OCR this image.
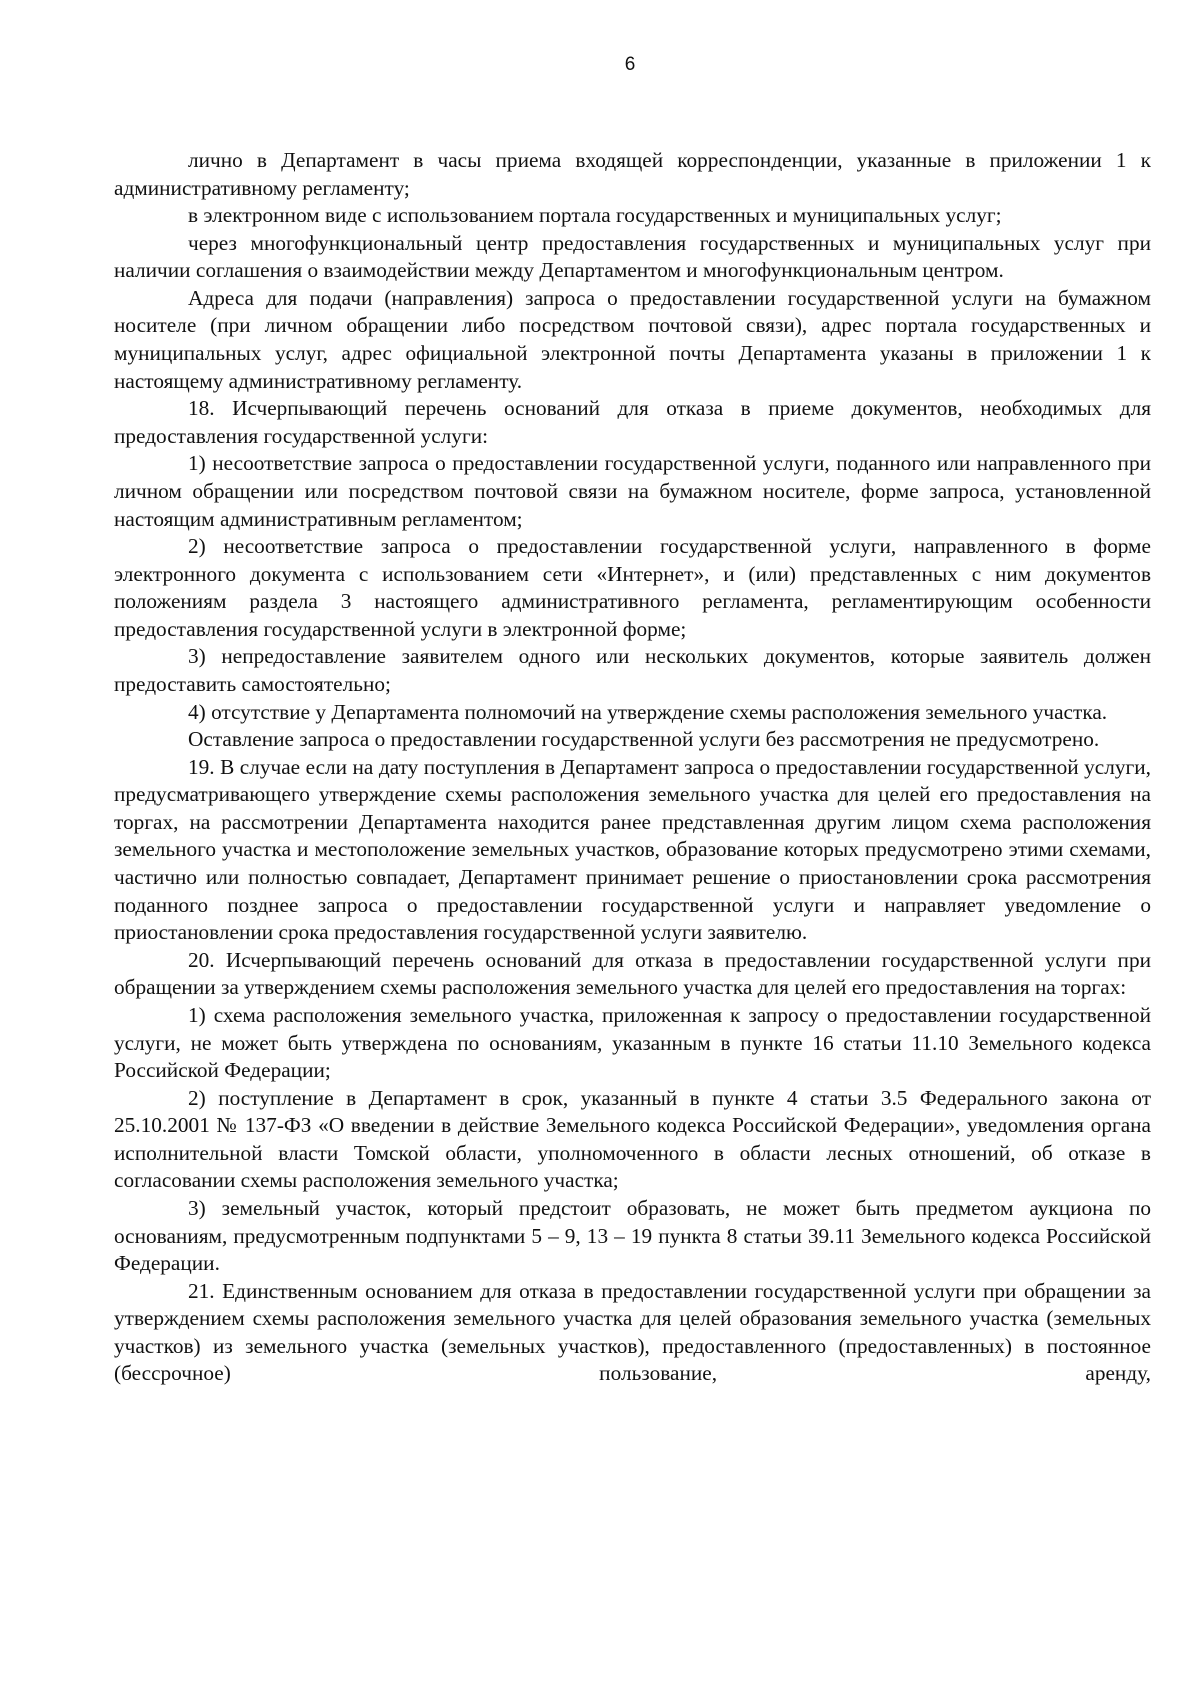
6

лично в Департамент в часы приема входящей корреспонденции, указанные в приложении 1 к административному регламенту;

в электронном виде с использованием портала государственных и муниципальных услуг;

через многофункциональный центр предоставления государственных и муниципальных услуг при наличии соглашения о взаимодействии между Департаментом и многофункциональным центром.

Адреса для подачи (направления) запроса о предоставлении государственной услуги на бумажном носителе (при личном обращении либо посредством почтовой связи), адрес портала государственных и муниципальных услуг, адрес официальной электронной почты Департамента указаны в приложении 1 к настоящему административному регламенту.

18. Исчерпывающий перечень оснований для отказа в приеме документов, необходимых для предоставления государственной услуги:

1) несоответствие запроса о предоставлении государственной услуги, поданного или направленного при личном обращении или посредством почтовой связи на бумажном носителе, форме запроса, установленной настоящим административным регламентом;

2) несоответствие запроса о предоставлении государственной услуги, направленного в форме электронного документа с использованием сети «Интернет», и (или) представленных с ним документов положениям раздела 3 настоящего административного регламента, регламентирующим особенности предоставления государственной услуги в электронной форме;

3) непредоставление заявителем одного или нескольких документов, которые заявитель должен предоставить самостоятельно;

4) отсутствие у Департамента полномочий на утверждение схемы расположения земельного участка.

Оставление запроса о предоставлении государственной услуги без рассмотрения не предусмотрено.

19. В случае если на дату поступления в Департамент запроса о предоставлении государственной услуги, предусматривающего утверждение схемы расположения земельного участка для целей его предоставления на торгах, на рассмотрении Департамента находится ранее представленная другим лицом схема расположения земельного участка и местоположение земельных участков, образование которых предусмотрено этими схемами, частично или полностью совпадает, Департамент принимает решение о приостановлении срока рассмотрения поданного позднее запроса о предоставлении государственной услуги и направляет уведомление о приостановлении срока предоставления государственной услуги заявителю.

20. Исчерпывающий перечень оснований для отказа в предоставлении государственной услуги при обращении за утверждением схемы расположения земельного участка для целей его предоставления на торгах:

1) схема расположения земельного участка, приложенная к запросу о предоставлении государственной услуги, не может быть утверждена по основаниям, указанным в пункте 16 статьи 11.10 Земельного кодекса Российской Федерации;

2) поступление в Департамент в срок, указанный в пункте 4 статьи 3.5 Федерального закона от 25.10.2001 № 137-ФЗ «О введении в действие Земельного кодекса Российской Федерации», уведомления органа исполнительной власти Томской области, уполномоченного в области лесных отношений, об отказе в согласовании схемы расположения земельного участка;

3) земельный участок, который предстоит образовать, не может быть предметом аукциона по основаниям, предусмотренным подпунктами 5 – 9, 13 – 19 пункта 8 статьи 39.11 Земельного кодекса Российской Федерации.

21. Единственным основанием для отказа в предоставлении государственной услуги при обращении за утверждением схемы расположения земельного участка для целей образования земельного участка (земельных участков) из земельного участка (земельных участков), предоставленного (предоставленных) в постоянное (бессрочное) пользование, аренду,
